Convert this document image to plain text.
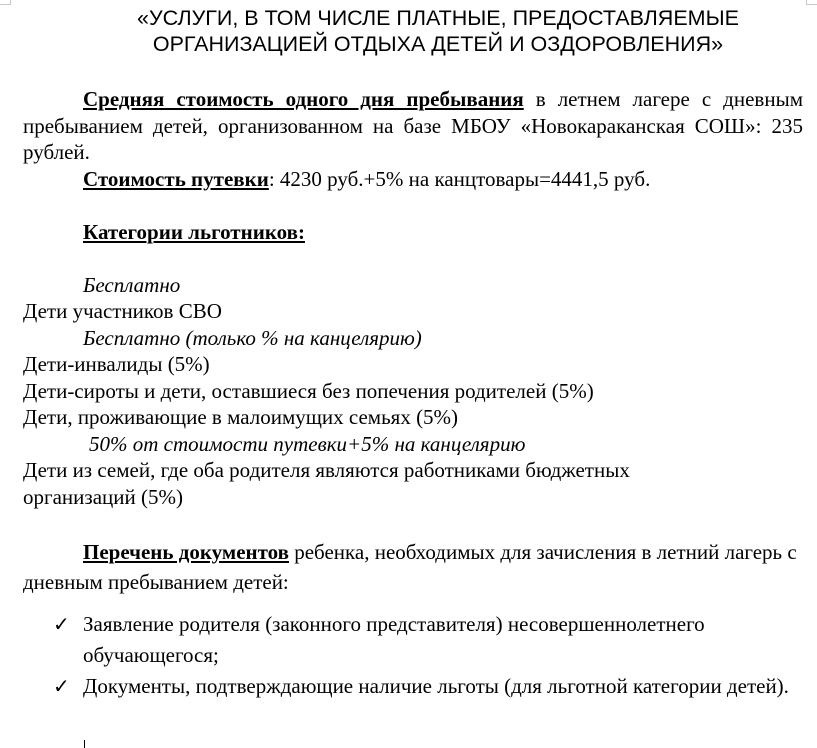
«УСЛУГИ, В ТОМ ЧИСЛЕ ПЛАТНЫЕ, ПРЕДОСТАВЛЯЕМЫЕ
ОРГАНИЗАЦИЕЙ ОТДЫХА ДЕТЕЙ И ОЗДОРОВЛЕНИЯ»

Средняя стоимость одного дня пребывания в летнем лагере с дневным пребыванием детей, организованном на базе МБОУ «Новокараканская СОШ»: 235 рублей.

Стоимость путевки: 4230 руб.+5% на канцтовары=4441,5 руб.

Категории льготников:

Бесплатно
Дети участников СВО
Бесплатно (только % на канцелярию)
Дети-инвалиды (5%)
Дети-сироты и дети, оставшиеся без попечения родителей (5%)
Дети, проживающие в малоимущих семьях (5%)
50% от стоимости путевки+5% на канцелярию
Дети из семей, где оба родителя являются работниками бюджетных организаций (5%)

Перечень документов ребенка, необходимых для зачисления в летний лагерь с дневным пребыванием детей:

✓ Заявление родителя (законного представителя) несовершеннолетнего обучающегося;
✓ Документы, подтверждающие наличие льготы (для льготной категории детей).
